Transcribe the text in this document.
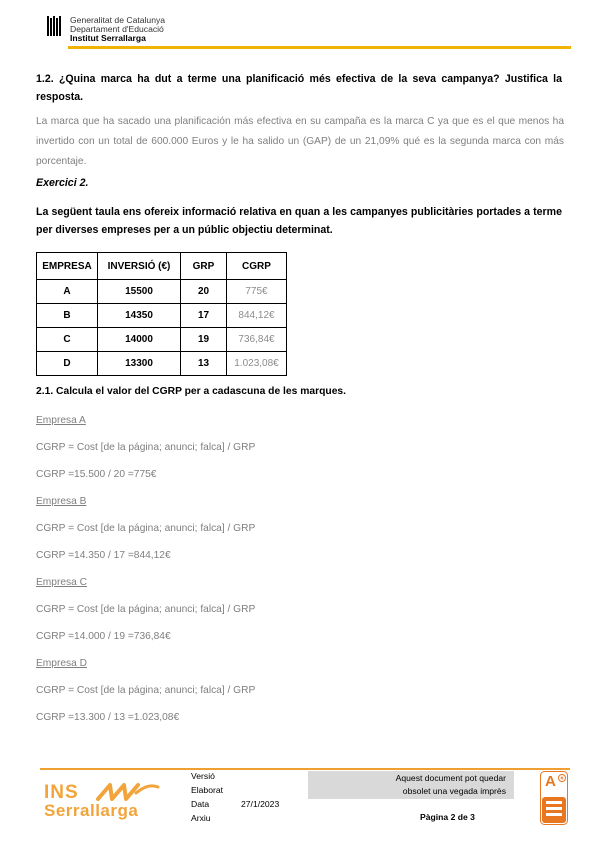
Generalitat de Catalunya
Departament d'Educació
Institut Serrallarga
1.2. ¿Quina marca ha dut a terme una planificació més efectiva de la seva campanya? Justifica la resposta.
La marca que ha sacado una planificación más efectiva en su campaña es la marca C ya que es el que menos ha invertido con un total de 600.000 Euros y le ha salido un (GAP) de un 21,09% qué es la segunda marca con más porcentaje.
Exercici 2.
La següent taula ens ofereix informació relativa en quan a les campanyes publicitàries portades a terme per diverses empreses per a un públic objectiu determinat.
EMPRESA	INVERSIÓ (€)	GRP	CGRP
A	15500	20	775€
B	14350	17	844,12€
C	14000	19	736,84€
D	13300	13	1.023,08€
2.1. Calcula el valor del CGRP per a cadascuna de les marques.
Empresa A
CGRP = Cost [de la página; anunci; falca] / GRP
CGRP =15.500 / 20 =775€
Empresa B
CGRP = Cost [de la página; anunci; falca] / GRP
CGRP =14.350 / 17 =844,12€
Empresa C
CGRP = Cost [de la página; anunci; falca] / GRP
CGRP =14.000 / 19 =736,84€
Empresa D
CGRP = Cost [de la página; anunci; falca] / GRP
CGRP =13.300 / 13 =1.023,08€
INS
Serrallarga
Versió
Elaborat
Data	27/1/2023
Arxiu
Aquest document pot quedar
obsolet una vegada imprès
Pàgina 2 de 3
A
